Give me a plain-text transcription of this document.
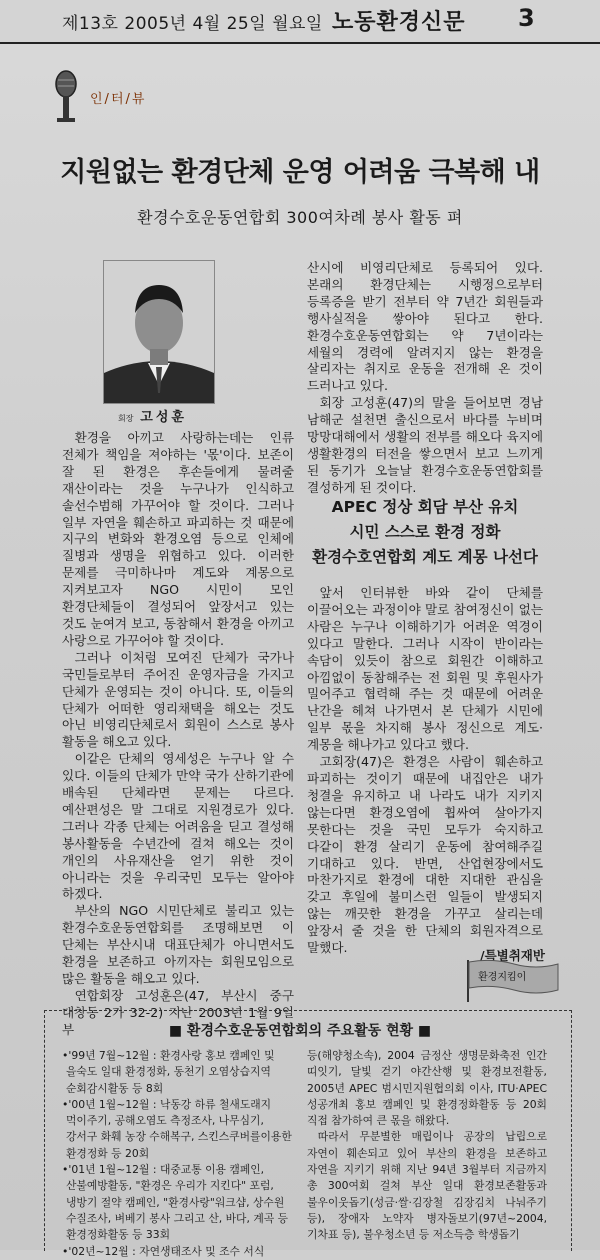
제13호 2005년 4월 25일 월요일 노동환경신문 3
인/터/뷰
지원없는 환경단체 운영 어려움 극복해 내
환경수호운동연합회 300여차례 봉사 활동 펴
회장 고성훈

환경을 아끼고 사랑하는데는 인류 전체가 책임을 져야하는 '몫'이다. 보존이 잘 된 환경은 후손들에게 물려줄 재산이라는 것을 누구나가 인식하고 솔선수범해 가꾸어야 할 것이다. 그러나 일부 자연을 훼손하고 파괴하는 것 때문에 지구의 변화와 환경오염 등으로 인체에 질병과 생명을 위협하고 있다. 이러한 문제를 극미하나마 계도와 계몽으로 지켜보고자 NGO 시민이 모인 환경단체들이 결성되어 앞장서고 있는 것도 눈여겨 보고, 동참해서 환경을 아끼고 사랑으로 가꾸어야 할 것이다.

그러나 이처럼 모여진 단체가 국가나 국민들로부터 주어진 운영자금을 가지고 단체가 운영되는 것이 아니다. 또, 이들의 단체가 어떠한 영리채택을 해오는 것도 아닌 비영리단체로서 회원이 스스로 봉사 활동을 해오고 있다.

이같은 단체의 영세성은 누구나 알 수 있다. 이들의 단체가 만약 국가 산하기관에 배속된 단체라면 문제는 다르다. 예산편성은 말 그대로 지원경로가 있다. 그러나 각종 단체는 어려움을 딛고 결성해 봉사활동을 수년간에 걸쳐 해오는 것이 개인의 사유재산을 얻기 위한 것이 아니라는 것을 우리국민 모두는 알아야 하겠다.

부산의 NGO 시민단체로 불리고 있는 환경수호운동연합회를 조명해보면 이 단체는 부산시내 대표단체가 아니면서도 환경을 보존하고 아끼자는 회원모임으로 많은 활동을 해오고 있다.

연합회장 고성훈은(47, 부산시 중구 대창동 2가 32-2) 지난 2003년 1월 9일 부

산시에 비영리단체로 등록되어 있다. 본래의 환경단체는 시행정으로부터 등록증을 받기 전부터 약 7년간 회원들과 행사실적을 쌓아야 된다고 한다. 환경수호운동연합회는 약 7년이라는 세월의 경력에 알려지지 않는 환경을 살리자는 취지로 운동을 전개해 온 것이 드러나고 있다.

회장 고성훈(47)의 말을 들어보면 경남 남해군 설천면 출신으로서 바다를 누비며 망망대해에서 생활의 전부를 해오다 육지에 생활환경의 터전을 쌓으면서 보고 느끼게 된 동기가 오늘날 환경수호운동연합회를 결성하게 된 것이다.

APEC 정상 회담 부산 유치
시민 스스로 환경 정화
환경수호연합회 계도 계몽 나선다

앞서 인터뷰한 바와 같이 단체를 이끌어오는 과정이야 말로 참여정신이 없는 사람은 누구나 이해하기가 어려운 역경이 있다고 말한다. 그러나 시작이 반이라는 속담이 있듯이 참으로 회원간 이해하고 아낌없이 동참해주는 전 회원 및 후원사가 밀어주고 협력해 주는 것 때문에 어려운 난간을 헤쳐 나가면서 본 단체가 시민에 일부 몫을 차지해 봉사 정신으로 계도·계몽을 해나가고 있다고 했다.

고회장(47)은 환경은 사람이 훼손하고 파괴하는 것이기 때문에 내집안은 내가 청결을 유지하고 내 나라도 내가 지키지 않는다면 환경오염에 휩싸여 살아가지 못한다는 것을 국민 모두가 숙지하고 다같이 환경 살리기 운동에 참여해주길 기대하고 있다. 반면, 산업현장에서도 마찬가지로 환경에 대한 지대한 관심을 갖고 후일에 불미스런 일들이 발생되지 않는 깨끗한 환경을 가꾸고 살리는데 앞장서 줄 것을 한 단체의 회원자격으로 말했다.

/특별취재반
환경지킴이
■ 환경수호운동연합회의 주요활동 현황 ■
•'99년 7월~12월 : 환경사랑 홍보 캠페인 및 을숙도 일대 환경정화, 동천기 오염상습지역 순회감시활동 등 8회
•'00년 1월~12월 : 낙동강 하류 철새도래지 먹이주기, 공해오염도 측정조사, 나무심기, 강서구 화훼 농장 수해복구, 스킨스쿠버를이용한 환경정화 등 20회
•'01년 1월~12월 : 대중교통 이용 캠페인, 산불예방활동, "환경은 우리가 지킨다" 포럼, 냉방기 절약 캠페인, "환경사랑"워크샵, 상수원 수질조사, 벼베기 봉사 그리고 산, 바다, 계곡 등 환경정화활동 등 33회
•'02년~12월 : 자연생태조사 및 조수 서식

등(해양청소속), 2004 금정산 생명문화축전 인간 띠잇기, 달빛 걷기 야간산행 및 환경보전활동, 2005년 APEC 범시민지원협의회 이사, ITU·APEC 성공개최 홍보 캠페인 및 환경정화활동 등 20회 직접 참가하여 큰 몫을 해왔다.

따라서 무분별한 매립이나 공장의 납립으로 자연이 훼손되고 있어 부산의 환경을 보존하고 자연을 지키기 위해 지난 94년 3월부터 지금까지 총 300여회 걸쳐 부산 일대 환경보존활동과 불우이웃돕기(성금·쌀·김장철 김장김치 나눠주기 등), 장애자 노약자 병자돌보기(97년~2004, 기차표 등), 불우청소년 등 저소득층 학생돕기
